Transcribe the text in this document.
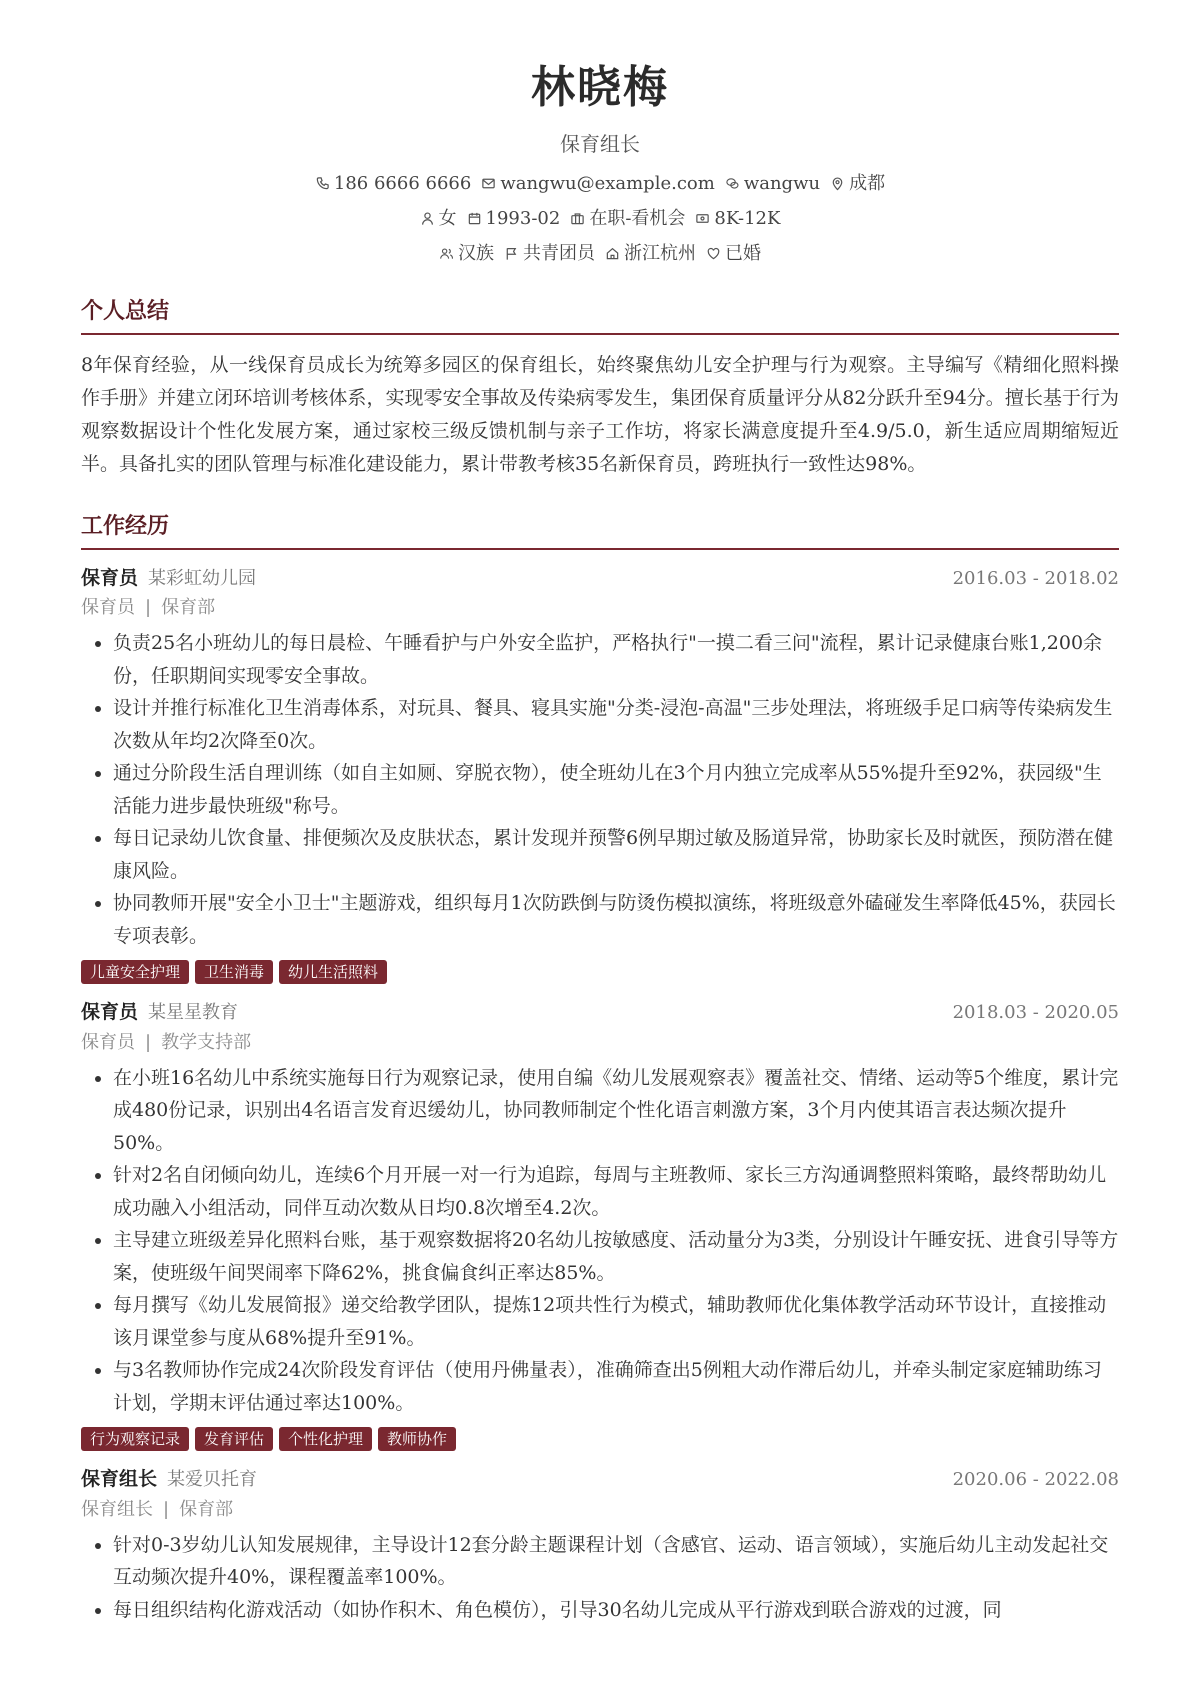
林晓梅
保育组长
186 6666 6666 wangwu@example.com wangwu 成都
女 1993-02 在职-看机会 8K-12K
汉族 共青团员 浙江杭州 已婚
个人总结
8年保育经验，从一线保育员成长为统筹多园区的保育组长，始终聚焦幼儿安全护理与行为观察。主导编写《精细化照料操作手册》并建立闭环培训考核体系，实现零安全事故及传染病零发生，集团保育质量评分从82分跃升至94分。擅长基于行为观察数据设计个性化发展方案，通过家校三级反馈机制与亲子工作坊，将家长满意度提升至4.9/5.0，新生适应周期缩短近半。具备扎实的团队管理与标准化建设能力，累计带教考核35名新保育员，跨班执行一致性达98%。
工作经历
保育员 某彩虹幼儿园	2016.03 - 2018.02
保育员 | 保育部
• 负责25名小班幼儿的每日晨检、午睡看护与户外安全监护，严格执行"一摸二看三问"流程，累计记录健康台账1,200余份，任职期间实现零安全事故。
• 设计并推行标准化卫生消毒体系，对玩具、餐具、寝具实施"分类-浸泡-高温"三步处理法，将班级手足口病等传染病发生次数从年均2次降至0次。
• 通过分阶段生活自理训练（如自主如厕、穿脱衣物），使全班幼儿在3个月内独立完成率从55%提升至92%，获园级"生活能力进步最快班级"称号。
• 每日记录幼儿饮食量、排便频次及皮肤状态，累计发现并预警6例早期过敏及肠道异常，协助家长及时就医，预防潜在健康风险。
• 协同教师开展"安全小卫士"主题游戏，组织每月1次防跌倒与防烫伤模拟演练，将班级意外磕碰发生率降低45%，获园长专项表彰。
儿童安全护理	卫生消毒	幼儿生活照料
保育员 某星星教育	2018.03 - 2020.05
保育员 | 教学支持部
• 在小班16名幼儿中系统实施每日行为观察记录，使用自编《幼儿发展观察表》覆盖社交、情绪、运动等5个维度，累计完成480份记录，识别出4名语言发育迟缓幼儿，协同教师制定个性化语言刺激方案，3个月内使其语言表达频次提升50%。
• 针对2名自闭倾向幼儿，连续6个月开展一对一行为追踪，每周与主班教师、家长三方沟通调整照料策略，最终帮助幼儿成功融入小组活动，同伴互动次数从日均0.8次增至4.2次。
• 主导建立班级差异化照料台账，基于观察数据将20名幼儿按敏感度、活动量分为3类，分别设计午睡安抚、进食引导等方案，使班级午间哭闹率下降62%，挑食偏食纠正率达85%。
• 每月撰写《幼儿发展简报》递交给教学团队，提炼12项共性行为模式，辅助教师优化集体教学活动环节设计，直接推动该月课堂参与度从68%提升至91%。
• 与3名教师协作完成24次阶段发育评估（使用丹佛量表），准确筛查出5例粗大动作滞后幼儿，并牵头制定家庭辅助练习计划，学期末评估通过率达100%。
行为观察记录	发育评估	个性化护理	教师协作
保育组长 某爱贝托育	2020.06 - 2022.08
保育组长 | 保育部
• 针对0-3岁幼儿认知发展规律，主导设计12套分龄主题课程计划（含感官、运动、语言领域），实施后幼儿主动发起社交互动频次提升40%，课程覆盖率100%。
• 每日组织结构化游戏活动（如协作积木、角色模仿），引导30名幼儿完成从平行游戏到联合游戏的过渡，同
